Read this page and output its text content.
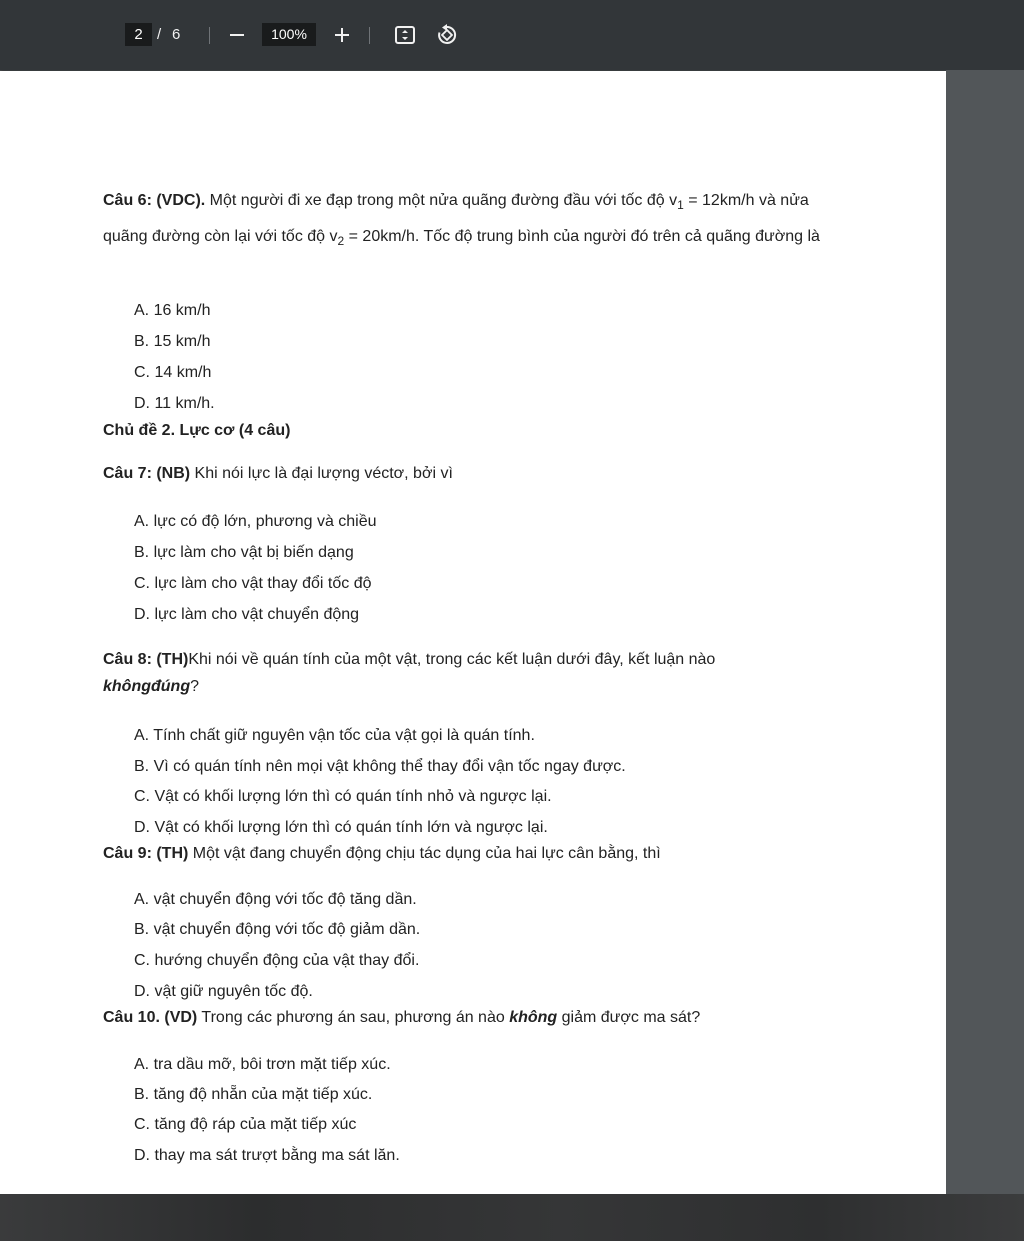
2 / 6	100%

Câu 6: (VDC). Một người đi xe đạp trong một nửa quãng đường đầu với tốc độ $v_1 = 12km/h$ và nửa quãng đường còn lại với tốc độ $v_2 = 20km/h$. Tốc độ trung bình của người đó trên cả quãng đường là

A. 16 km/h

B. 15 km/h

C. 14 km/h

D. 11 km/h.

Chủ đề 2. Lực cơ (4 câu)

Câu 7: (NB) Khi nói lực là đại lượng véctơ, bởi vì

A. lực có độ lớn, phương và chiều

B. lực làm cho vật bị biến dạng

C. lực làm cho vật thay đổi tốc độ

D. lực làm cho vật chuyển động

Câu 8: (TH)Khi nói về quán tính của một vật, trong các kết luận dưới đây, kết luận nào khôngđúng?

A. Tính chất giữ nguyên vận tốc của vật gọi là quán tính.

B. Vì có quán tính nên mọi vật không thể thay đổi vận tốc ngay được.

C. Vật có khối lượng lớn thì có quán tính nhỏ và ngược lại.

D. Vật có khối lượng lớn thì có quán tính lớn và ngược lại.

Câu 9: (TH) Một vật đang chuyển động chịu tác dụng của hai lực cân bằng, thì

A. vật chuyển động với tốc độ tăng dần.

B. vật chuyển động với tốc độ giảm dần.

C. hướng chuyển động của vật thay đổi.

D. vật giữ nguyên tốc độ.

Câu 10. (VD) Trong các phương án sau, phương án nào không giảm được ma sát?

A. tra dầu mỡ, bôi trơn mặt tiếp xúc.

B. tăng độ nhẵn của mặt tiếp xúc.

C. tăng độ ráp của mặt tiếp xúc

D. thay ma sát trượt bằng ma sát lăn.
